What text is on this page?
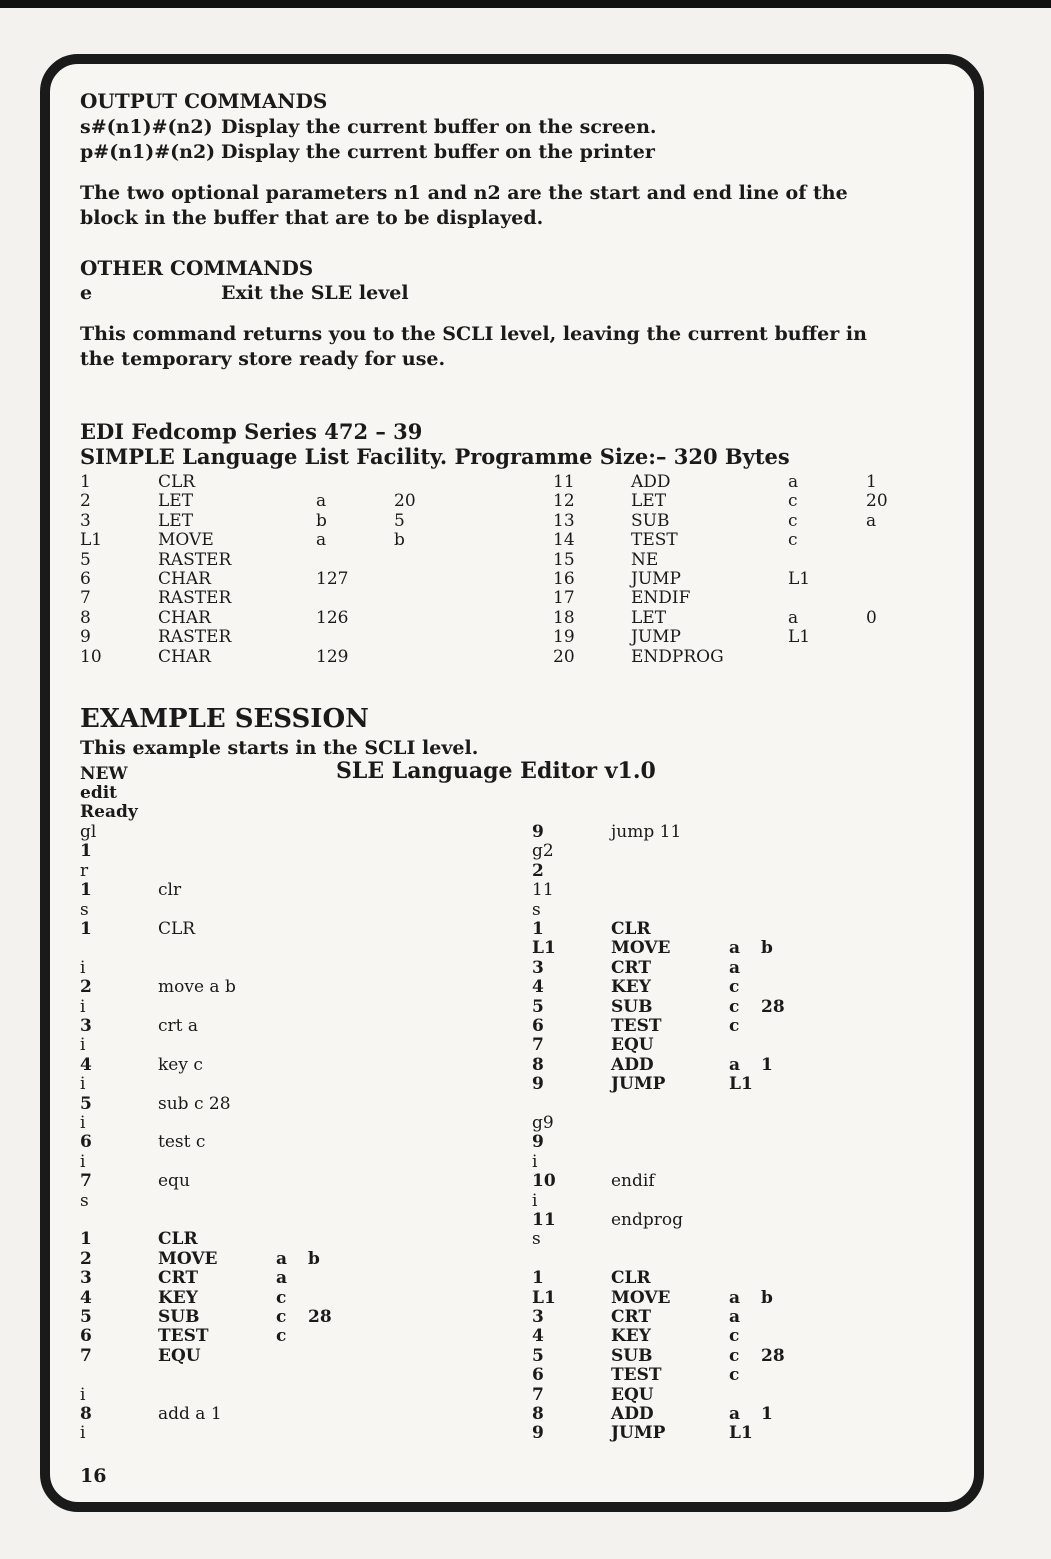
OUTPUT COMMANDS
s#(n1)#(n2) Display the current buffer on the screen.
p#(n1)#(n2) Display the current buffer on the printer
The two optional parameters n1 and n2 are the start and end line of the block in the buffer that are to be displayed.
OTHER COMMANDS
e	Exit the SLE level
This command returns you to the SCLI level, leaving the current buffer in the temporary store ready for use.
EDI Fedcomp Series 472 – 39
SIMPLE Language List Facility. Programme Size:– 320 Bytes
1	CLR
2	LET	a	20
3	LET	b	5
L1	MOVE	a	b
5	RASTER
6	CHAR	127
7	RASTER
8	CHAR	126
9	RASTER
10	CHAR	129
11	ADD	a	1
12	LET	c	20
13	SUB	c	a
14	TEST	c
15	NE
16	JUMP	L1
17	ENDIF
18	LET	a	0
19	JUMP	L1
20	ENDPROG
EXAMPLE SESSION
This example starts in the SCLI level.
SLE Language Editor v1.0
NEW
edit
Ready
gl
1
r
1	clr
s
1	CLR
i
2	move a b
i
3	crt a
i
4	key c
i
5	sub c 28
i
6	test c
i
7	equ
s
1	CLR
2	MOVE	a b
3	CRT	a
4	KEY	c
5	SUB	c 28
6	TEST	c
7	EQU
i
8	add a 1
i
9	jump 11
g2
2
11
s
1	CLR
L1	MOVE	a b
3	CRT	a
4	KEY	c
5	SUB	c 28
6	TEST	c
7	EQU
8	ADD	a 1
9	JUMP	L1
g9
9
i
10	endif
i
11	endprog
s
1	CLR
L1	MOVE	a b
3	CRT	a
4	KEY	c
5	SUB	c 28
6	TEST	c
7	EQU
8	ADD	a 1
9	JUMP	L1
16
